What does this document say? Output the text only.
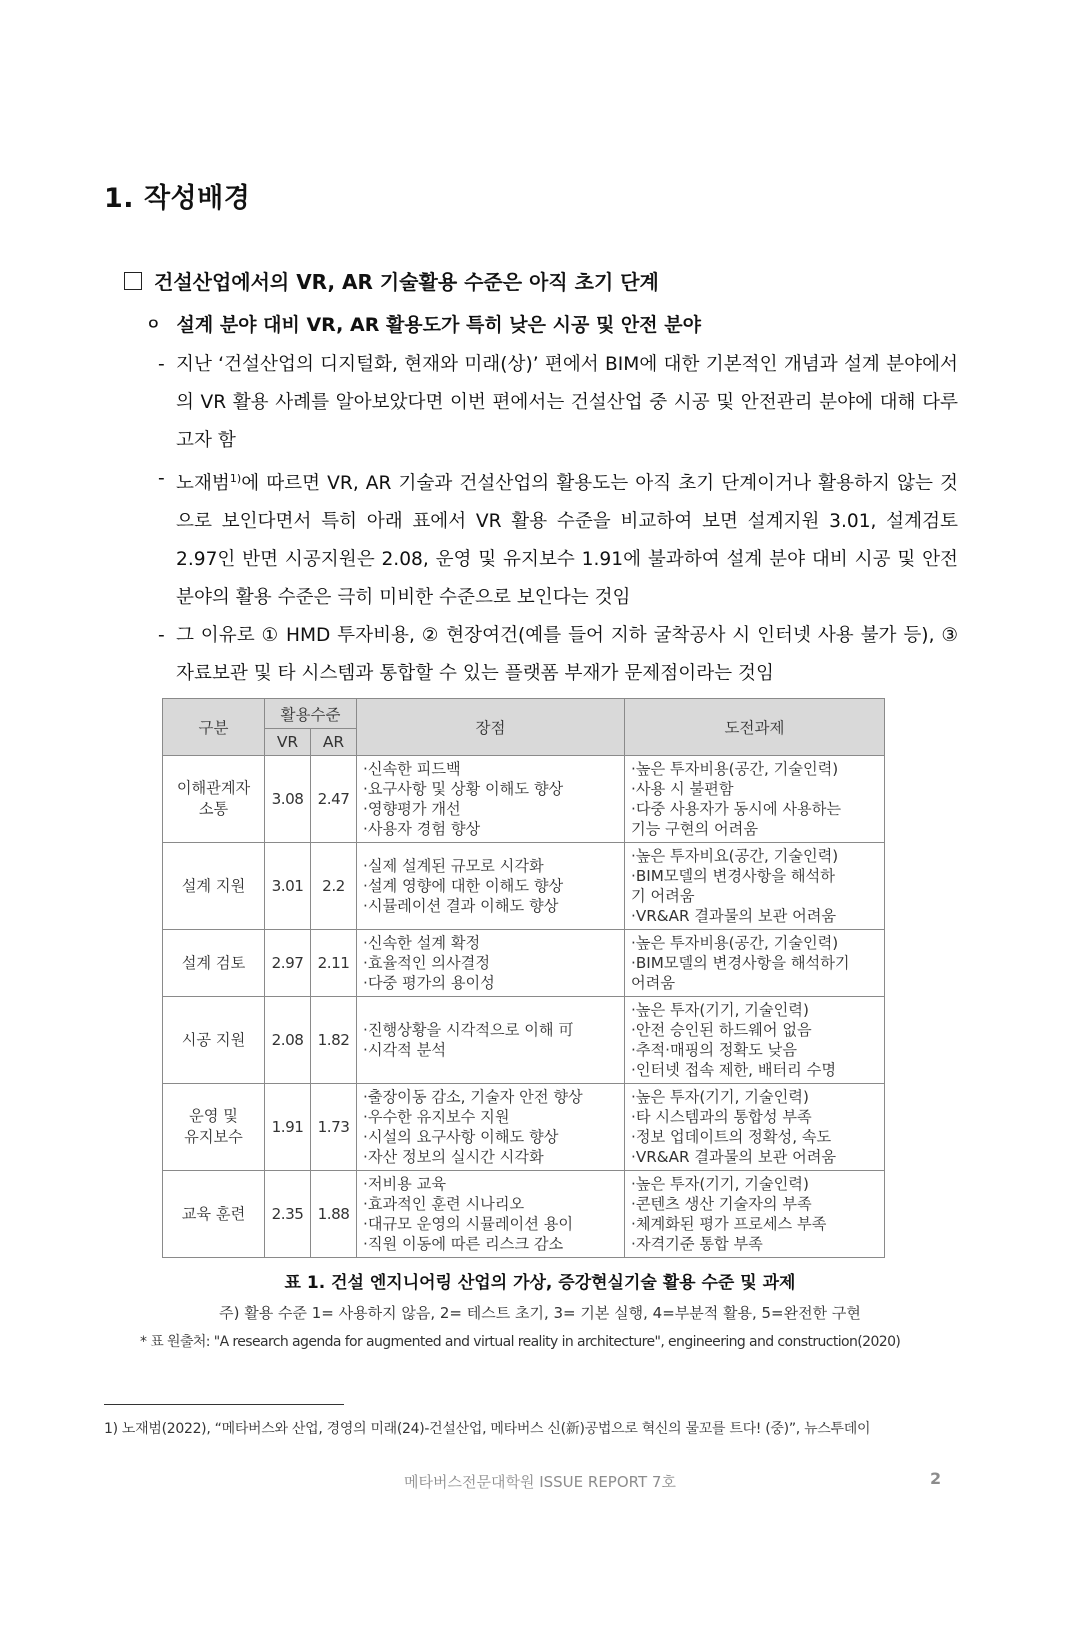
1. 작성배경
건설산업에서의 VR, AR 기술활용 수준은 아직 초기 단계
ㅇ 설계 분야 대비 VR, AR 활용도가 특히 낮은 시공 및 안전 분야
- 지난 ‘건설산업의 디지털화, 현재와 미래(상)’ 편에서 BIM에 대한 기본적인 개념과 설계 분야에서의 VR 활용 사례를 알아보았다면 이번 편에서는 건설산업 중 시공 및 안전관리 분야에 대해 다루고자 함
- 노재범$^{1)}$에 따르면 VR, AR 기술과 건설산업의 활용도는 아직 초기 단계이거나 활용하지 않는 것으로 보인다면서 특히 아래 표에서 VR 활용 수준을 비교하여 보면 설계지원 3.01, 설계검토 2.97인 반면 시공지원은 2.08, 운영 및 유지보수 1.91에 불과하여 설계 분야 대비 시공 및 안전 분야의 활용 수준은 극히 미비한 수준으로 보인다는 것임
- 그 이유로 ① HMD 투자비용, ② 현장여건(예를 들어 지하 굴착공사 시 인터넷 사용 불가 등), ③ 자료보관 및 타 시스템과 통합할 수 있는 플랫폼 부재가 문제점이라는 것임
구분	활용수준		장점	도전과제
	VR	AR		

이해관계자
소통	3.08	2.47	·신속한 피드백
·요구사항 및 상황 이해도 향상
·영향평가 개선
·사용자 경험 향상	·높은 투자비용(공간, 기술인력)
·사용 시 불편함
·다중 사용자가 동시에 사용하는
기능 구현의 어려움

설계 지원	3.01	2.2	·실제 설계된 규모로 시각화
·설계 영향에 대한 이해도 향상
·시뮬레이션 결과 이해도 향상	·높은 투자비요(공간, 기술인력)
·BIM모델의 변경사항을 해석하
기 어려움
·VR&AR 결과물의 보관 어려움

설계 검토	2.97	2.11	·신속한 설계 확정
·효율적인 의사결정
·다중 평가의 용이성	·높은 투자비용(공간, 기술인력)
·BIM모델의 변경사항을 해석하기
어려움

시공 지원	2.08	1.82	·진행상황을 시각적으로 이해 可
·시각적 분석	·높은 투자(기기, 기술인력)
·안전 승인된 하드웨어 없음
·추적·매핑의 정확도 낮음
·인터넷 접속 제한, 배터리 수명

운영 및
유지보수	1.91	1.73	·출장이동 감소, 기술자 안전 향상
·우수한 유지보수 지원
·시설의 요구사항 이해도 향상
·자산 정보의 실시간 시각화	·높은 투자(기기, 기술인력)
·타 시스템과의 통합성 부족
·정보 업데이트의 정확성, 속도
·VR&AR 결과물의 보관 어려움

교육 훈련	2.35	1.88	·저비용 교육
·효과적인 훈련 시나리오
·대규모 운영의 시뮬레이션 용이
·직원 이동에 따른 리스크 감소	·높은 투자(기기, 기술인력)
·콘텐츠 생산 기술자의 부족
·체계화된 평가 프로세스 부족
·자격기준 통합 부족
표 1. 건설 엔지니어링 산업의 가상, 증강현실기술 활용 수준 및 과제
주) 활용 수준 1= 사용하지 않음, 2= 테스트 초기, 3= 기본 실행, 4=부분적 활용, 5=완전한 구현
* 표 원출처: "A research agenda for augmented and virtual reality in architecture", engineering and construction(2020)
1) 노재범(2022), “메타버스와 산업, 경영의 미래(24)-건설산업, 메타버스 신(新)공법으로 혁신의 물꼬를 트다! (중)”, 뉴스투데이
메타버스전문대학원 ISSUE REPORT 7호	2
